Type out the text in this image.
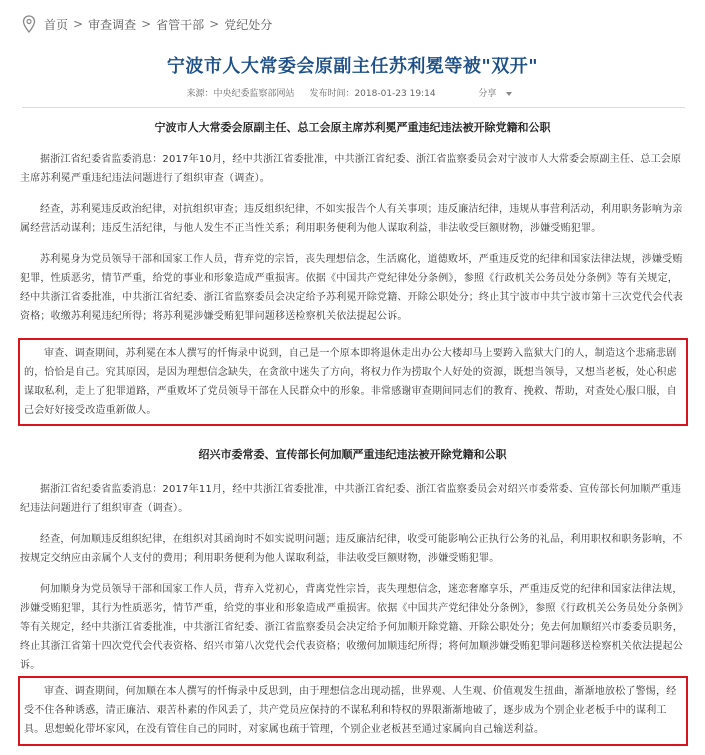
首页 > 审查调查 > 省管干部 > 党纪处分
宁波市人大常委会原副主任苏利冕等被"双开"
来源：中央纪委监察部网站 发布时间：2018-01-23 19:14	分享
宁波市人大常委会原副主任、总工会原主席苏利冕严重违纪违法被开除党籍和公职

据浙江省纪委省监委消息：2017年10月，经中共浙江省委批准，中共浙江省纪委、浙江省监察委员会对宁波市人大常委会原副主任、总工会原主席苏利冕严重违纪违法问题进行了组织审查（调查）。

经查，苏利冕违反政治纪律，对抗组织审查；违反组织纪律，不如实报告个人有关事项；违反廉洁纪律，违规从事营利活动，利用职务影响为亲属经营活动谋利；违反生活纪律，与他人发生不正当性关系；利用职务便利为他人谋取利益，非法收受巨额财物，涉嫌受贿犯罪。

苏利冕身为党员领导干部和国家工作人员，背弃党的宗旨，丧失理想信念，生活腐化，道德败坏，严重违反党的纪律和国家法律法规，涉嫌受贿犯罪，性质恶劣，情节严重，给党的事业和形象造成严重损害。依据《中国共产党纪律处分条例》，参照《行政机关公务员处分条例》等有关规定，经中共浙江省委批准，中共浙江省纪委、浙江省监察委员会决定给予苏利冕开除党籍、开除公职处分；终止其宁波市中共宁波市第十三次党代会代表资格；收缴苏利冕违纪所得；将苏利冕涉嫌受贿犯罪问题移送检察机关依法提起公诉。

审查、调查期间，苏利冕在本人撰写的忏悔录中说到，自己是一个原本即将退休走出办公大楼却马上要跨入监狱大门的人，制造这个悲痛悲剧的，恰恰是自己。究其原因，是因为理想信念缺失，在贪欲中迷失了方向，将权力作为捞取个人好处的资源，既想当领导，又想当老板，处心积虑谋取私利，走上了犯罪道路，严重败坏了党员领导干部在人民群众中的形象。非常感谢审查期间同志们的教育、挽救、帮助，对查处心服口服，自己会好好接受改造重新做人。

绍兴市委常委、宣传部长何加顺严重违纪违法被开除党籍和公职

据浙江省纪委省监委消息：2017年11月，经中共浙江省委批准，中共浙江省纪委、浙江省监察委员会对绍兴市委常委、宣传部长何加顺严重违纪违法问题进行了组织审查（调查）。

经查，何加顺违反组织纪律，在组织对其函询时不如实说明问题；违反廉洁纪律，收受可能影响公正执行公务的礼品，利用职权和职务影响，不按规定交纳应由亲属个人支付的费用；利用职务便利为他人谋取利益，非法收受巨额财物，涉嫌受贿犯罪。

何加顺身为党员领导干部和国家工作人员，背弃入党初心，背离党性宗旨，丧失理想信念，迷恋奢靡享乐，严重违反党的纪律和国家法律法规，涉嫌受贿犯罪，其行为性质恶劣，情节严重，给党的事业和形象造成严重损害。依据《中国共产党纪律处分条例》，参照《行政机关公务员处分条例》等有关规定，经中共浙江省委批准，中共浙江省纪委、浙江省监察委员会决定给予何加顺开除党籍、开除公职处分；免去何加顺绍兴市委委员职务，终止其浙江省第十四次党代会代表资格、绍兴市第八次党代会代表资格；收缴何加顺违纪所得；将何加顺涉嫌受贿犯罪问题移送检察机关依法提起公诉。

审查、调查期间，何加顺在本人撰写的忏悔录中反思到，由于理想信念出现动摇，世界观、人生观、价值观发生扭曲，渐渐地放松了警惕，经受不住各种诱惑，清正廉洁、艰苦朴素的作风丢了，共产党员应保持的不谋私利和特权的界限渐渐地破了，逐步成为个别企业老板手中的谋利工具。思想蜕化带坏家风，在没有管住自己的同时，对家属也疏于管理，个别企业老板甚至通过家属向自己输送利益。
